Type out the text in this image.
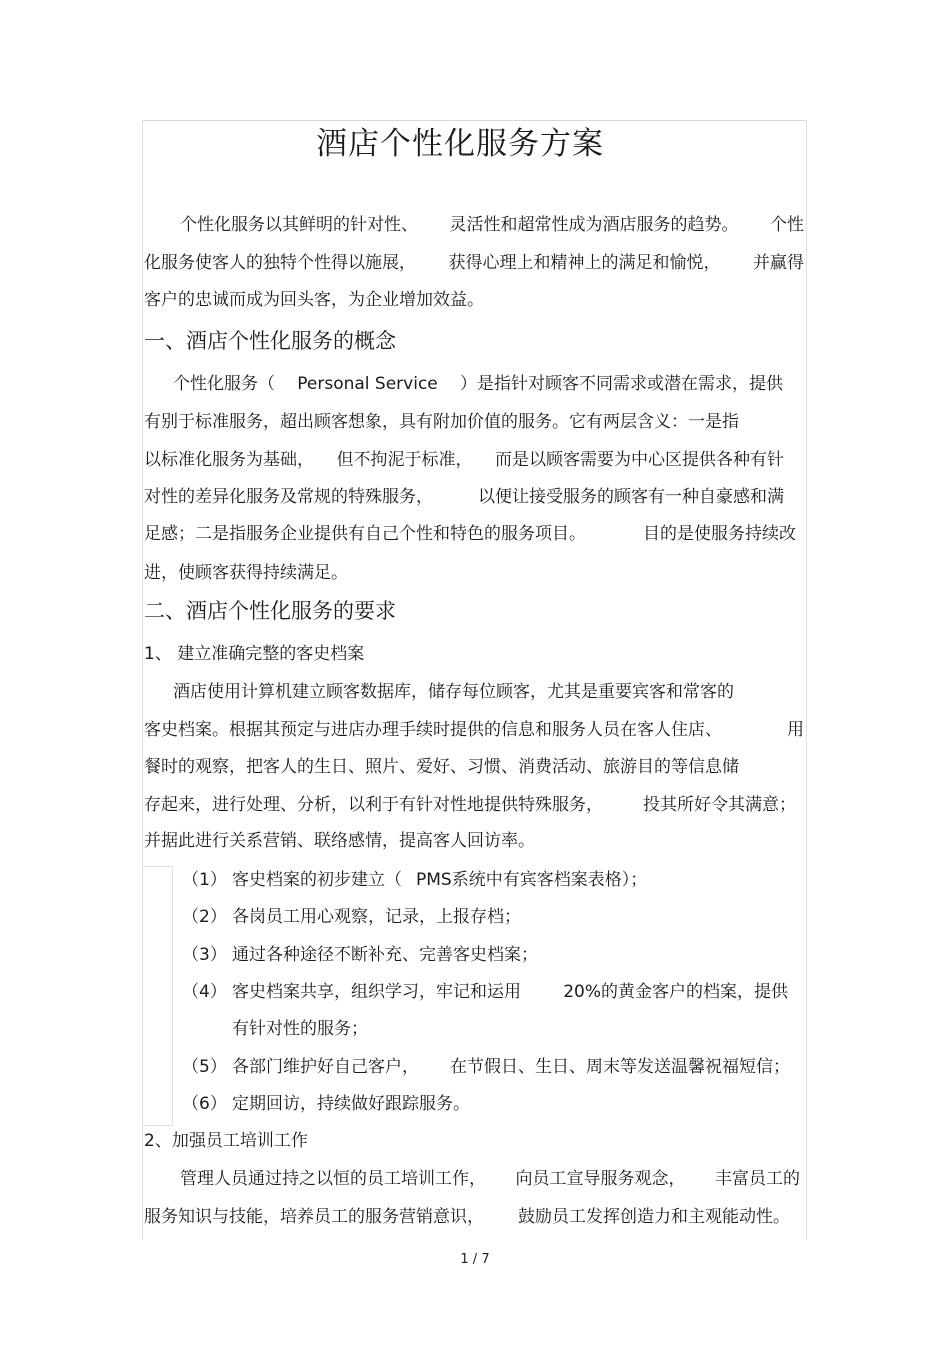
酒店个性化服务方案
个性化服务以其鲜明的针对性、 灵活性和超常性成为酒店服务的趋势。 个性
化服务使客人的独特个性得以施展， 获得心理上和精神上的满足和愉悦， 并赢得
客户的忠诚而成为回头客，为企业增加效益。
一、酒店个性化服务的概念
个性化服务（ Personal Service ）是指针对顾客不同需求或潜在需求，提供
有别于标准服务，超出顾客想象，具有附加价值的服务。它有两层含义：一是指
以标准化服务为基础， 但不拘泥于标准， 而是以顾客需要为中心区提供各种有针
对性的差异化服务及常规的特殊服务，	以便让接受服务的顾客有一种自豪感和满
足感；二是指服务企业提供有自己个性和特色的服务项目。	目的是使服务持续改
进，使顾客获得持续满足。
二、酒店个性化服务的要求
1、 建立准确完整的客史档案
酒店使用计算机建立顾客数据库，储存每位顾客，尤其是重要宾客和常客的
客史档案。根据其预定与进店办理手续时提供的信息和服务人员在客人住店、	用
餐时的观察，把客人的生日、照片、爱好、习惯、消费活动、旅游目的等信息储
存起来，进行处理、分析，以利于有针对性地提供特殊服务， 投其所好令其满意；
并据此进行关系营销、联络感情，提高客人回访率。
（1） 客史档案的初步建立（ PMS系统中有宾客档案表格）；
（2） 各岗员工用心观察，记录，上报存档；
（3） 通过各种途径不断补充、完善客史档案；
（4） 客史档案共享，组织学习，牢记和运用 20%的黄金客户的档案，提供
有针对性的服务；
（5） 各部门维护好自己客户， 在节假日、生日、周末等发送温馨祝福短信；
（6） 定期回访，持续做好跟踪服务。
2、加强员工培训工作
管理人员通过持之以恒的员工培训工作， 向员工宣导服务观念， 丰富员工的
服务知识与技能，培养员工的服务营销意识， 鼓励员工发挥创造力和主观能动性。
1 / 7
